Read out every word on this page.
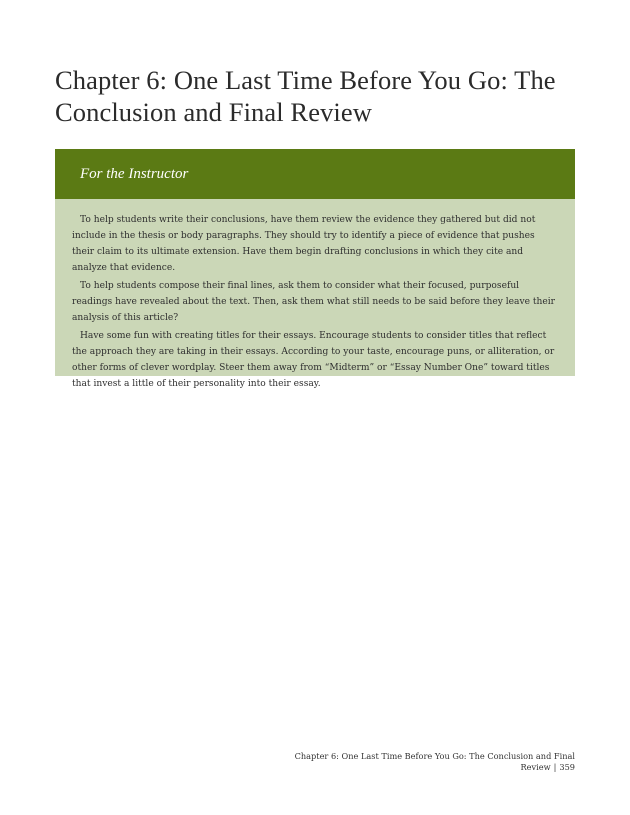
Chapter 6: One Last Time Before You Go: The Conclusion and Final Review
For the Instructor

To help students write their conclusions, have them review the evidence they gathered but did not include in the thesis or body paragraphs. They should try to identify a piece of evidence that pushes their claim to its ultimate extension. Have them begin drafting conclusions in which they cite and analyze that evidence.

To help students compose their final lines, ask them to consider what their focused, purposeful readings have revealed about the text. Then, ask them what still needs to be said before they leave their analysis of this article?

Have some fun with creating titles for their essays. Encourage students to consider titles that reflect the approach they are taking in their essays. According to your taste, encourage puns, or alliteration, or other forms of clever wordplay. Steer them away from “Midterm” or “Essay Number One” toward titles that invest a little of their personality into their essay.

Chapter 6: One Last Time Before You Go: The Conclusion and Final Review | 359
